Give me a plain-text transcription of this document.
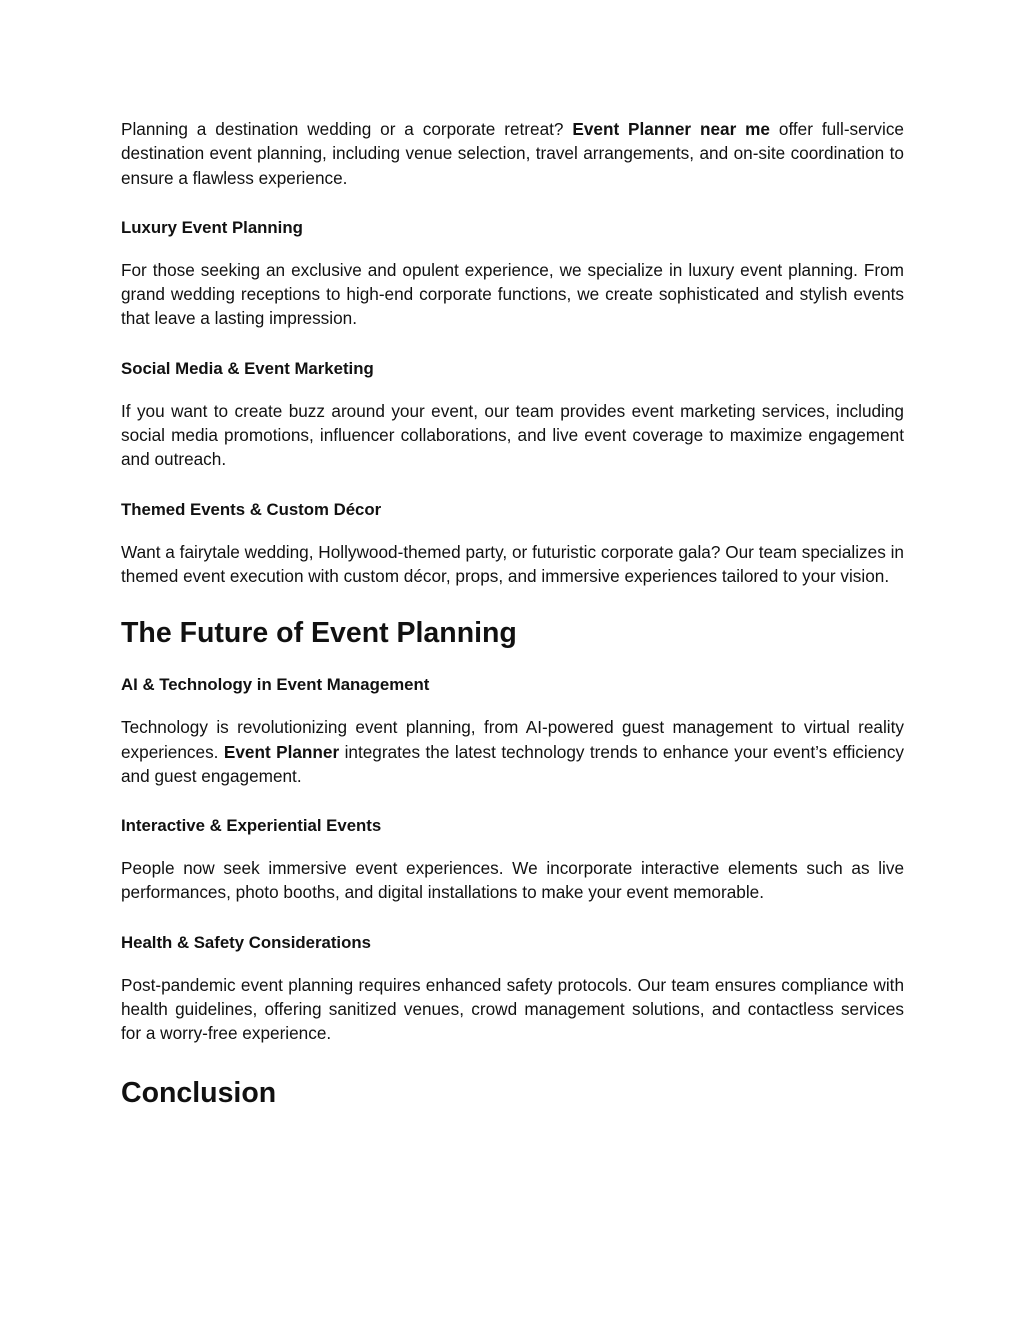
Planning a destination wedding or a corporate retreat? Event Planner near me offer full-service destination event planning, including venue selection, travel arrangements, and on-site coordination to ensure a flawless experience.

Luxury Event Planning

For those seeking an exclusive and opulent experience, we specialize in luxury event planning. From grand wedding receptions to high-end corporate functions, we create sophisticated and stylish events that leave a lasting impression.

Social Media & Event Marketing

If you want to create buzz around your event, our team provides event marketing services, including social media promotions, influencer collaborations, and live event coverage to maximize engagement and outreach.

Themed Events & Custom Décor

Want a fairytale wedding, Hollywood-themed party, or futuristic corporate gala? Our team specializes in themed event execution with custom décor, props, and immersive experiences tailored to your vision.

The Future of Event Planning
AI & Technology in Event Management

Technology is revolutionizing event planning, from AI-powered guest management to virtual reality experiences. Event Planner integrates the latest technology trends to enhance your event’s efficiency and guest engagement.

Interactive & Experiential Events

People now seek immersive event experiences. We incorporate interactive elements such as live performances, photo booths, and digital installations to make your event memorable.

Health & Safety Considerations

Post-pandemic event planning requires enhanced safety protocols. Our team ensures compliance with health guidelines, offering sanitized venues, crowd management solutions, and contactless services for a worry-free experience.

Conclusion
